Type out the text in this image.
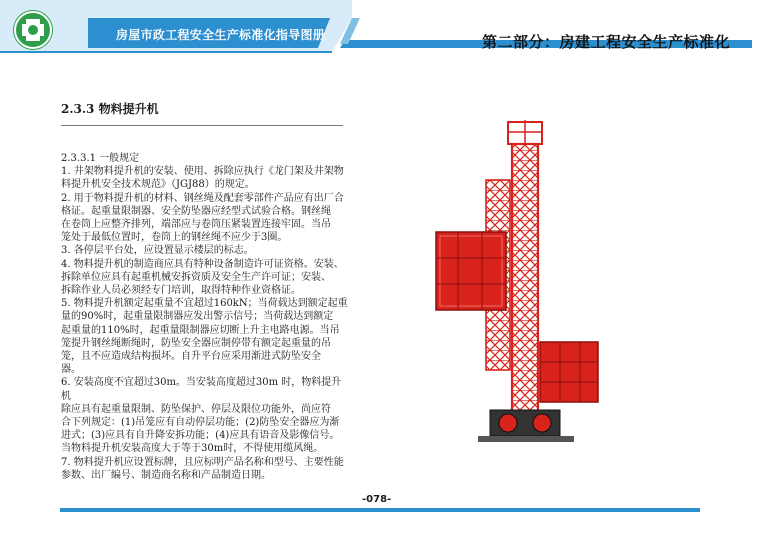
房屋市政工程安全生产标准化指导图册	第二部分：房建工程安全生产标准化
2.3.3 物料提升机

2.3.3.1 一般规定

1. 井架物料提升机的安装、使用、拆除应执行《龙门架及井架物

料提升机安全技术规范》（JGJ88）的规定。

2. 用于物料提升机的材料、钢丝绳及配套零部件产品应有出厂合

格证。起重量限制器、安全防坠器应经型式试验合格。钢丝绳

在卷筒上应整齐排列，端部应与卷筒压紧装置连接牢固。当吊

笼处于最低位置时，卷筒上的钢丝绳不应少于3圈。

3. 各停层平台处，应设置显示楼层的标志。

4. 物料提升机的制造商应具有特种设备制造许可证资格。安装、

拆除单位应具有起重机械安拆资质及安全生产许可证；安装、

拆除作业人员必须经专门培训，取得特种作业资格证。

5. 物料提升机额定起重量不宜超过160kN；当荷载达到额定起重

量的90%时，起重量限制器应发出警示信号；当荷载达到额定

起重量的110%时，起重量限制器应切断上升主电路电源。当吊

笼提升钢丝绳断绳时，防坠安全器应制停带有额定起重量的吊

笼，且不应造成结构损坏。自升平台应采用渐进式防坠安全

器。

6. 安装高度不宜超过30m。当安装高度超过30m 时，物料提升机

除应具有起重量限制、防坠保护、停层及限位功能外，尚应符

合下列规定：(1)吊笼应有自动停层功能；(2)防坠安全器应为渐

进式；(3)应具有自升降安拆功能；(4)应具有语音及影像信号。

当物料提升机安装高度大于等于30m时，不得使用缆风绳。

7. 物料提升机应设置标牌，且应标明产品名称和型号、主要性能

参数、出厂编号、制造商名称和产品制造日期。

-078-
